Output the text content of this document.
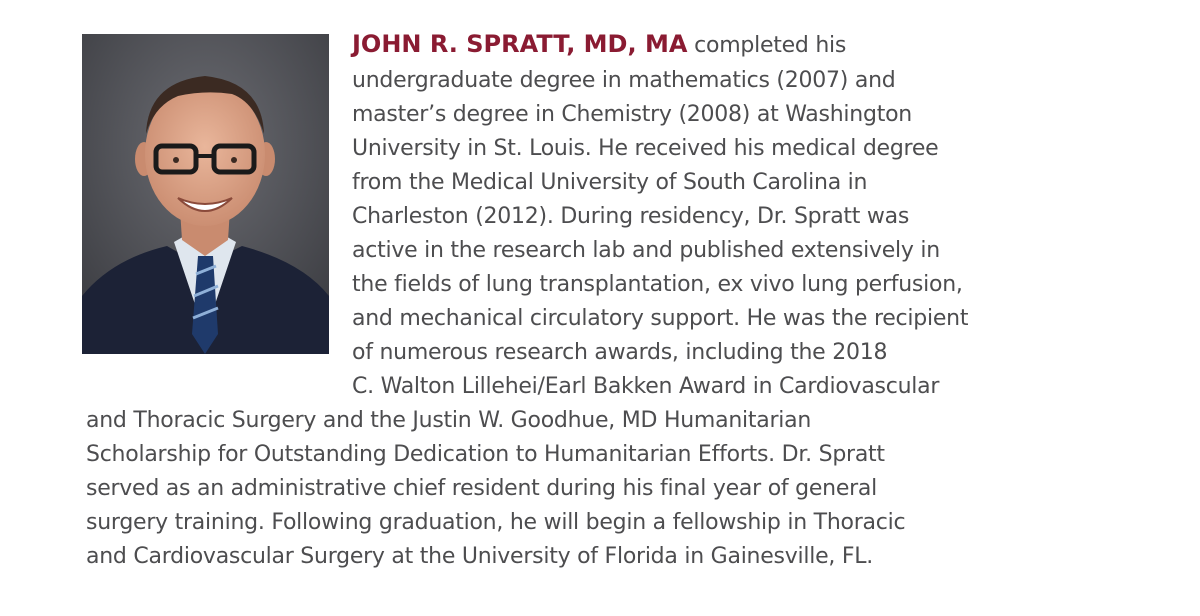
JOHN R. SPRATT, MD, MA completed his
undergraduate degree in mathematics (2007) and
master’s degree in Chemistry (2008) at Washington
University in St. Louis. He received his medical degree
from the Medical University of South Carolina in
Charleston (2012). During residency, Dr. Spratt was
active in the research lab and published extensively in
the fields of lung transplantation, ex vivo lung perfusion,
and mechanical circulatory support. He was the recipient
of numerous research awards, including the 2018
C. Walton Lillehei/Earl Bakken Award in Cardiovascular
and Thoracic Surgery and the Justin W. Goodhue, MD Humanitarian
Scholarship for Outstanding Dedication to Humanitarian Efforts. Dr. Spratt
served as an administrative chief resident during his final year of general
surgery training. Following graduation, he will begin a fellowship in Thoracic
and Cardiovascular Surgery at the University of Florida in Gainesville, FL.
